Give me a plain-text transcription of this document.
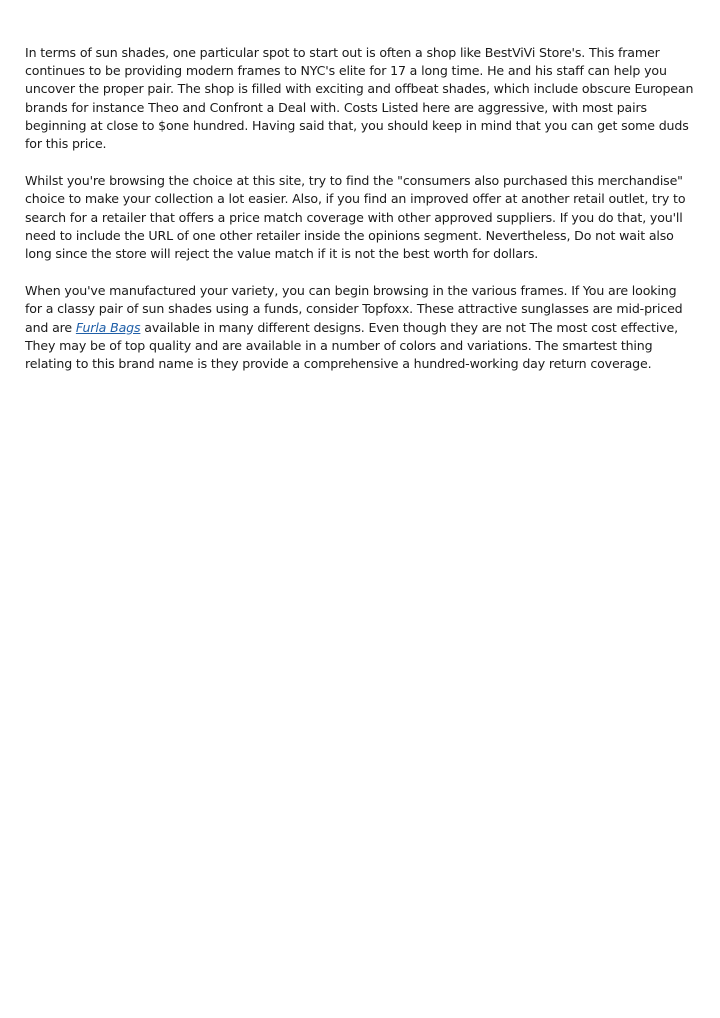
In terms of sun shades, one particular spot to start out is often a shop like BestViVi Store's. This framer continues to be providing modern frames to NYC's elite for 17 a long time. He and his staff can help you uncover the proper pair. The shop is filled with exciting and offbeat shades, which include obscure European brands for instance Theo and Confront a Deal with. Costs Listed here are aggressive, with most pairs beginning at close to $one hundred. Having said that, you should keep in mind that you can get some duds for this price.

Whilst you're browsing the choice at this site, try to find the "consumers also purchased this merchandise" choice to make your collection a lot easier. Also, if you find an improved offer at another retail outlet, try to search for a retailer that offers a price match coverage with other approved suppliers. If you do that, you'll need to include the URL of one other retailer inside the opinions segment. Nevertheless, Do not wait also long since the store will reject the value match if it is not the best worth for dollars.

When you've manufactured your variety, you can begin browsing in the various frames. If You are looking for a classy pair of sun shades using a funds, consider Topfoxx. These attractive sunglasses are mid-priced and are Furla Bags available in many different designs. Even though they are not The most cost effective, They may be of top quality and are available in a number of colors and variations. The smartest thing relating to this brand name is they provide a comprehensive a hundred-working day return coverage.
